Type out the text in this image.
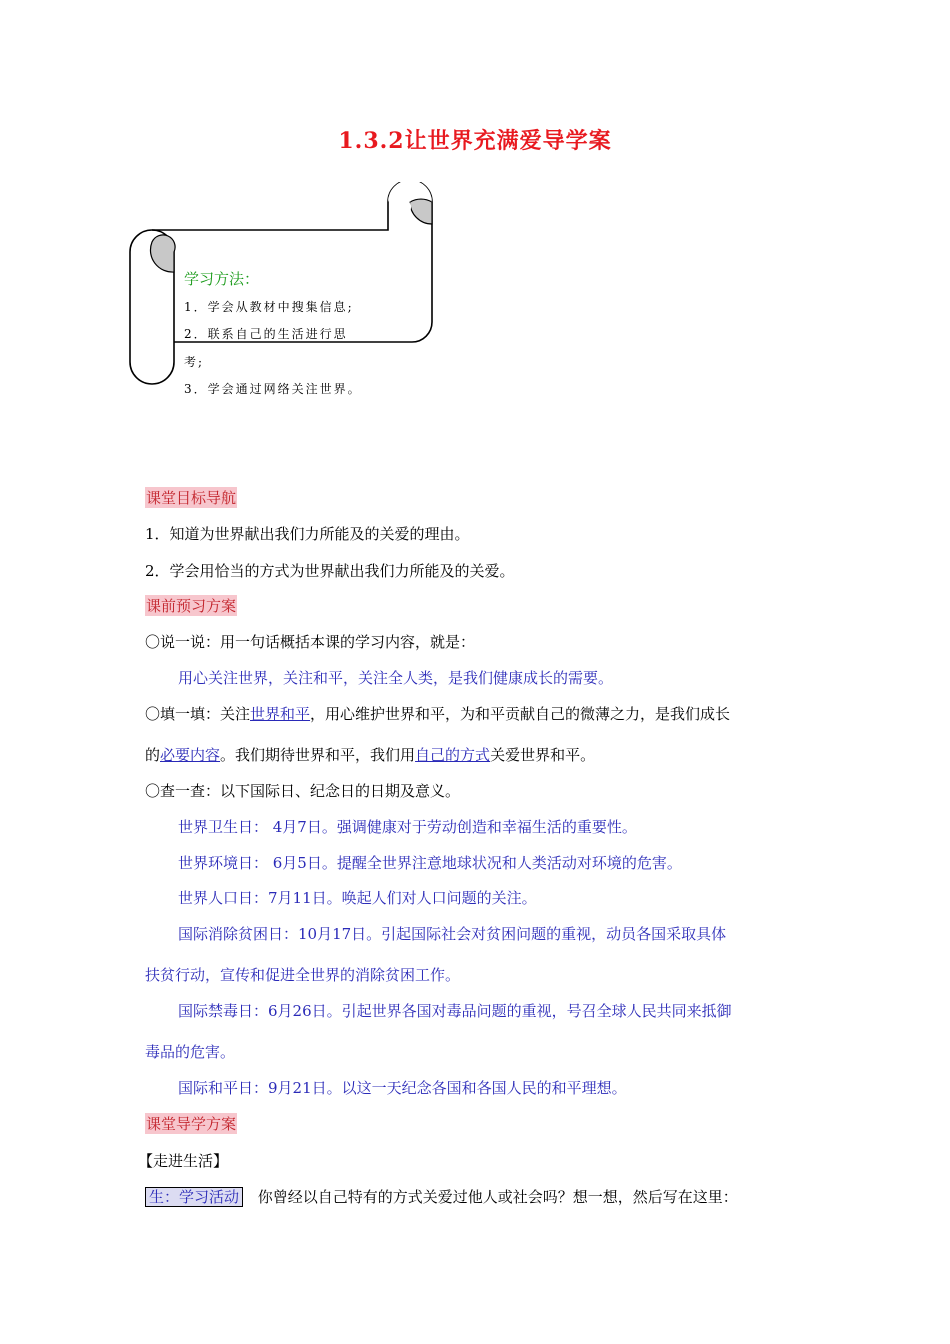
1.3.2让世界充满爱导学案
学习方法：
1．学会从教材中搜集信息;
2．联系自己的生活进行思
考;
3．学会通过网络关注世界。
课堂目标导航
1．知道为世界献出我们力所能及的关爱的理由。
2．学会用恰当的方式为世界献出我们力所能及的关爱。
课前预习方案
〇说一说：用一句话概括本课的学习内容，就是：
用心关注世界，关注和平，关注全人类，是我们健康成长的需要。
〇填一填：关注世界和平，用心维护世界和平，为和平贡献自己的微薄之力，是我们成长
的必要内容。我们期待世界和平，我们用自己的方式关爱世界和平。
〇查一查：以下国际日、纪念日的日期及意义。
世界卫生日： 4月7日。强调健康对于劳动创造和幸福生活的重要性。
世界环境日： 6月5日。提醒全世界注意地球状况和人类活动对环境的危害。
世界人口日：7月11日。唤起人们对人口问题的关注。
国际消除贫困日：10月17日。引起国际社会对贫困问题的重视，动员各国采取具体
扶贫行动，宣传和促进全世界的消除贫困工作。
国际禁毒日：6月26日。引起世界各国对毒品问题的重视，号召全球人民共同来抵御
毒品的危害。
国际和平日：9月21日。以这一天纪念各国和各国人民的和平理想。
课堂导学方案
【走进生活】
生：学习活动 你曾经以自己特有的方式关爱过他人或社会吗？想一想，然后写在这里：
